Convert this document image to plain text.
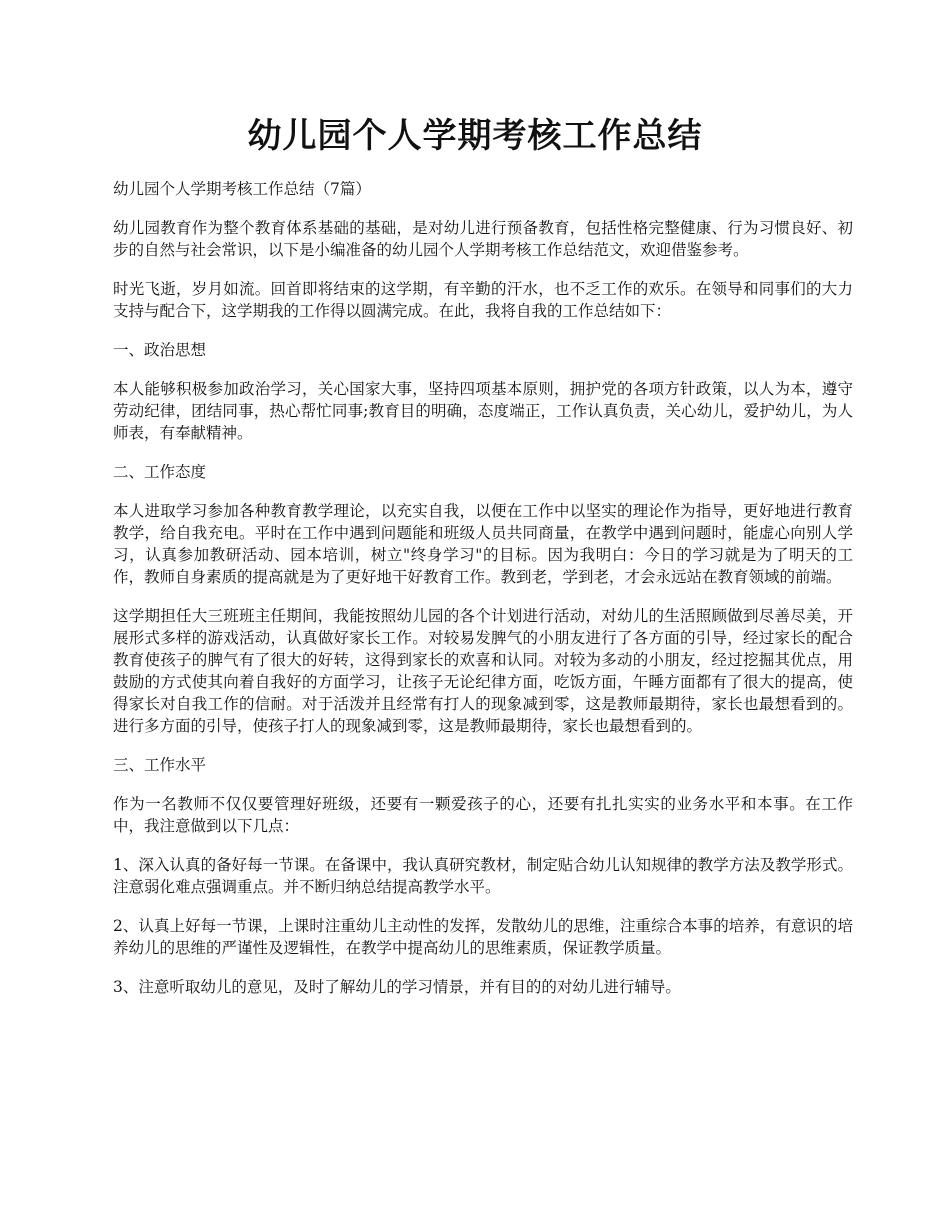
幼儿园个人学期考核工作总结

幼儿园个人学期考核工作总结（7篇）

幼儿园教育作为整个教育体系基础的基础，是对幼儿进行预备教育，包括性格完整健康、行为习惯良好、初步的自然与社会常识，以下是小编准备的幼儿园个人学期考核工作总结范文，欢迎借鉴参考。

时光飞逝，岁月如流。回首即将结束的这学期，有辛勤的汗水，也不乏工作的欢乐。在领导和同事们的大力支持与配合下，这学期我的工作得以圆满完成。在此，我将自我的工作总结如下：

一、政治思想

本人能够积极参加政治学习，关心国家大事，坚持四项基本原则，拥护党的各项方针政策，以人为本，遵守劳动纪律，团结同事，热心帮忙同事;教育目的明确，态度端正，工作认真负责，关心幼儿，爱护幼儿，为人师表，有奉献精神。

二、工作态度

本人进取学习参加各种教育教学理论，以充实自我，以便在工作中以坚实的理论作为指导，更好地进行教育教学，给自我充电。平时在工作中遇到问题能和班级人员共同商量，在教学中遇到问题时，能虚心向别人学习，认真参加教研活动、园本培训，树立"终身学习"的目标。因为我明白：今日的学习就是为了明天的工作，教师自身素质的提高就是为了更好地干好教育工作。教到老，学到老，才会永远站在教育领域的前端。

这学期担任大三班班主任期间，我能按照幼儿园的各个计划进行活动，对幼儿的生活照顾做到尽善尽美，开展形式多样的游戏活动，认真做好家长工作。对较易发脾气的小朋友进行了各方面的引导，经过家长的配合教育使孩子的脾气有了很大的好转，这得到家长的欢喜和认同。对较为多动的小朋友，经过挖掘其优点，用鼓励的方式使其向着自我好的方面学习，让孩子无论纪律方面，吃饭方面，午睡方面都有了很大的提高，使得家长对自我工作的信耐。对于活泼并且经常有打人的现象减到零，这是教师最期待，家长也最想看到的。进行多方面的引导，使孩子打人的现象减到零，这是教师最期待，家长也最想看到的。

三、工作水平

作为一名教师不仅仅要管理好班级，还要有一颗爱孩子的心，还要有扎扎实实的业务水平和本事。在工作中，我注意做到以下几点：

1、深入认真的备好每一节课。在备课中，我认真研究教材，制定贴合幼儿认知规律的教学方法及教学形式。注意弱化难点强调重点。并不断归纳总结提高教学水平。

2、认真上好每一节课，上课时注重幼儿主动性的发挥，发散幼儿的思维，注重综合本事的培养，有意识的培养幼儿的思维的严谨性及逻辑性，在教学中提高幼儿的思维素质，保证教学质量。

3、注意听取幼儿的意见，及时了解幼儿的学习情景，并有目的的对幼儿进行辅导。
